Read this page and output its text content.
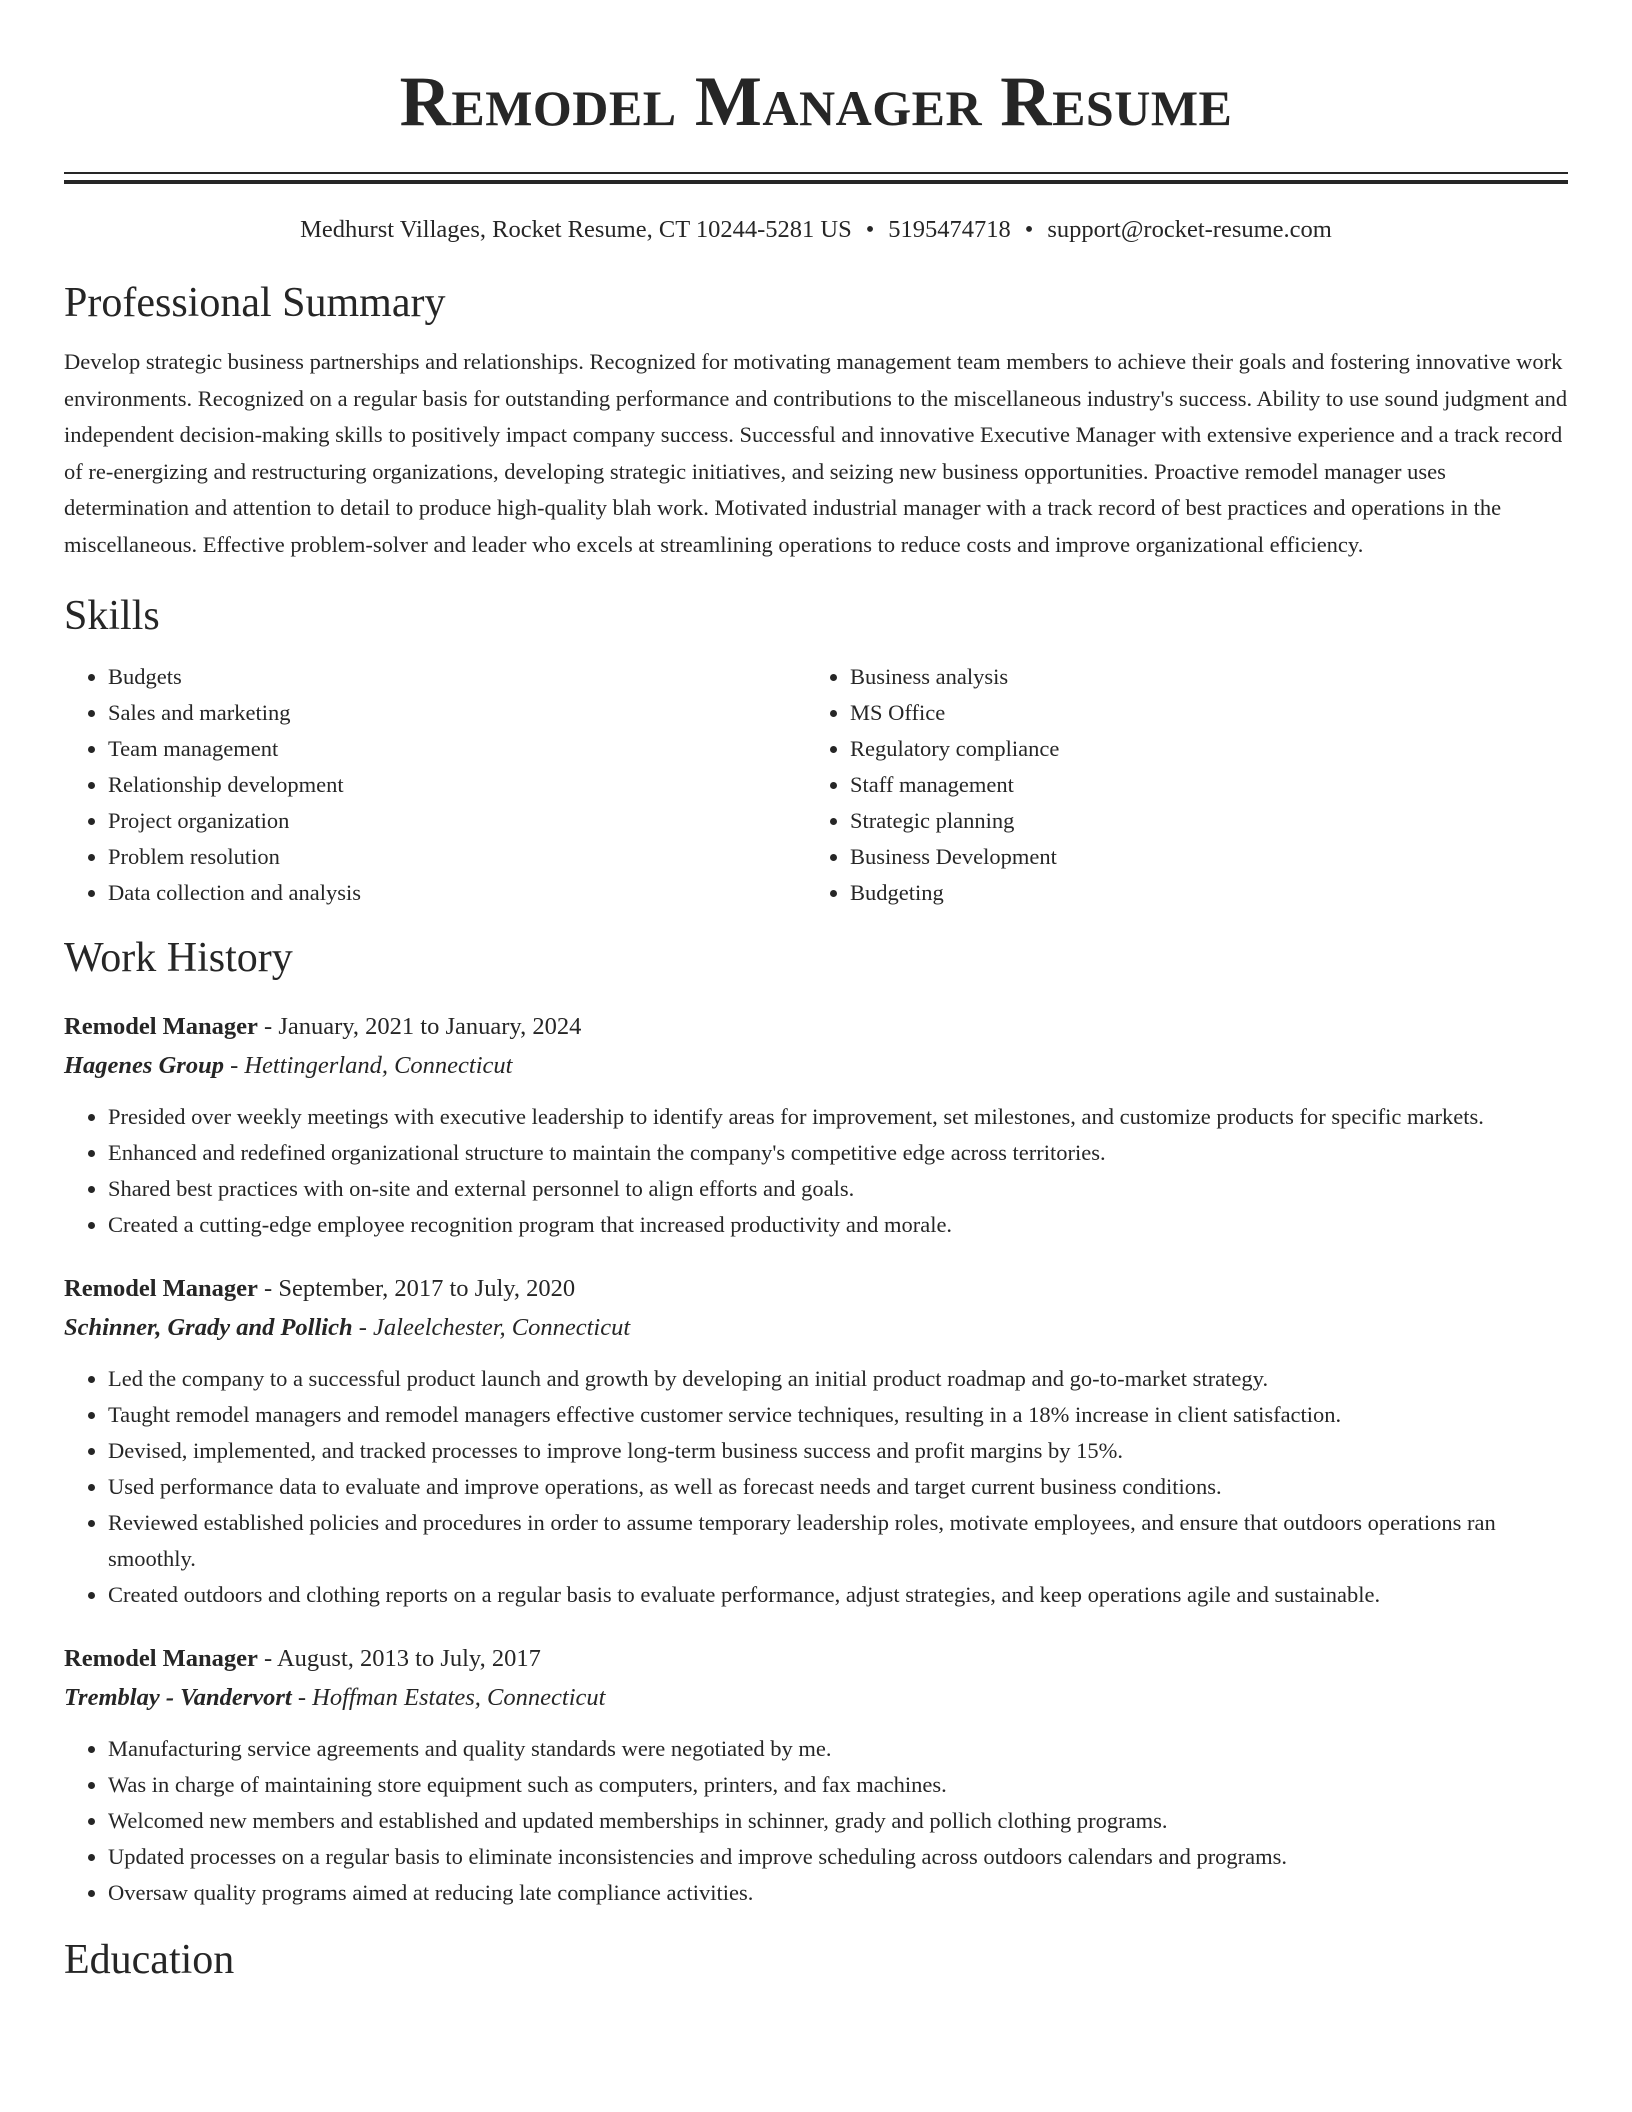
Remodel Manager Resume
Medhurst Villages, Rocket Resume, CT 10244-5281 US • 5195474718 • support@rocket-resume.com
Professional Summary
Develop strategic business partnerships and relationships. Recognized for motivating management team members to achieve their goals and fostering innovative work environments. Recognized on a regular basis for outstanding performance and contributions to the miscellaneous industry's success. Ability to use sound judgment and independent decision-making skills to positively impact company success. Successful and innovative Executive Manager with extensive experience and a track record of re-energizing and restructuring organizations, developing strategic initiatives, and seizing new business opportunities. Proactive remodel manager uses determination and attention to detail to produce high-quality blah work. Motivated industrial manager with a track record of best practices and operations in the miscellaneous. Effective problem-solver and leader who excels at streamlining operations to reduce costs and improve organizational efficiency.
Skills
• Budgets
• Sales and marketing
• Team management
• Relationship development
• Project organization
• Problem resolution
• Data collection and analysis
• Business analysis
• MS Office
• Regulatory compliance
• Staff management
• Strategic planning
• Business Development
• Budgeting
Work History
Remodel Manager - January, 2021 to January, 2024
Hagenes Group - Hettingerland, Connecticut
• Presided over weekly meetings with executive leadership to identify areas for improvement, set milestones, and customize products for specific markets.
• Enhanced and redefined organizational structure to maintain the company's competitive edge across territories.
• Shared best practices with on-site and external personnel to align efforts and goals.
• Created a cutting-edge employee recognition program that increased productivity and morale.
Remodel Manager - September, 2017 to July, 2020
Schinner, Grady and Pollich - Jaleelchester, Connecticut
• Led the company to a successful product launch and growth by developing an initial product roadmap and go-to-market strategy.
• Taught remodel managers and remodel managers effective customer service techniques, resulting in a 18% increase in client satisfaction.
• Devised, implemented, and tracked processes to improve long-term business success and profit margins by 15%.
• Used performance data to evaluate and improve operations, as well as forecast needs and target current business conditions.
• Reviewed established policies and procedures in order to assume temporary leadership roles, motivate employees, and ensure that outdoors operations ran smoothly.
• Created outdoors and clothing reports on a regular basis to evaluate performance, adjust strategies, and keep operations agile and sustainable.
Remodel Manager - August, 2013 to July, 2017
Tremblay - Vandervort - Hoffman Estates, Connecticut
• Manufacturing service agreements and quality standards were negotiated by me.
• Was in charge of maintaining store equipment such as computers, printers, and fax machines.
• Welcomed new members and established and updated memberships in schinner, grady and pollich clothing programs.
• Updated processes on a regular basis to eliminate inconsistencies and improve scheduling across outdoors calendars and programs.
• Oversaw quality programs aimed at reducing late compliance activities.
Education
